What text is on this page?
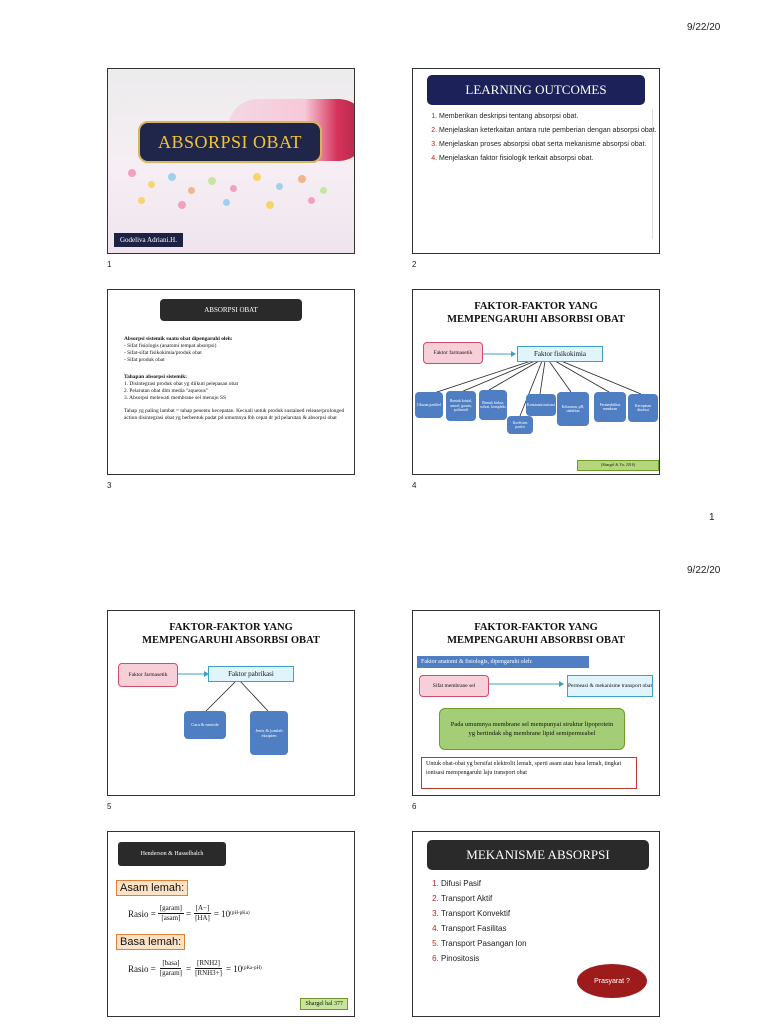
9/22/20
1
9/22/20
1	2
3	4
5	6
ABSORPSI OBAT
Godeliva Adriani.H.
LEARNING OUTCOMES
1. Memberikan deskripsi tentang absorpsi obat.
2. Menjelaskan keterkaitan antara rute pemberian dengan absorpsi obat.
3. Menjelaskan proses absorpsi obat serta mekanisme absorpsi obat.
4. Menjelaskan faktor fisiologik terkait absorpsi obat.
ABSORPSI OBAT

Absorpsi sistemik suatu obat dipengaruhi oleh:
- Sifat fisiologis (anatomi tempat absorpsi)
- Sifat-sifat fisikokimia/produk obat
- Sifat produk obat

Tahapan absorpsi sistemik:
1. Disintegrasi produk obat yg diikuti pelepasan obat
2. Pelarutan obat dlm media "aqueous"
3. Absorpsi melewati membrane sel menuju SS

Tahap yg paling lambat = tahap penentu kecepatan. Kecuali untuk produk sustained release/prolonged action disintegrasi obat yg berbentuk padat pd umumnya lbh cepat dr pd pelarutan & absorpsi obat

FAKTOR-FAKTOR YANG
MEMPENGARUHI ABSORBSI OBAT
Faktor farmasetik	Faktor fisikokimia
Ukuran partikel
Bentuk kristal, amorf, garam, polimorfi
Bentuk hidrat, solvat, kompleks
Koefisien partisi
Konstanta ionisasi	Kelarutan, pH, stabilitas
Permeabilitas membran
Kecepatan disolusi
(Shargel & Yu, 2016)
FAKTOR-FAKTOR YANG
MEMPENGARUHI ABSORBSI OBAT
Faktor farmasetik	Faktor pabrikasi
Cara & metode
Jenis & jumlah eksipien
FAKTOR-FAKTOR YANG
MEMPENGARUHI ABSORBSI OBAT
Faktor anatomi & fisiologis, dipengaruhi oleh:
Sifat membrane sel	Permeasi & mekanisme transport obat
Pada umumnya membrane sel mempunyai struktur lipoprotein yg bertindak sbg membrane lipid semipermeabel
Untuk obat-obat yg bersifat elektrolit lemah, sperti asam atau basa lemah, tingkat ionisasi mempengaruhi laju transport obat
Henderson & Hasselbalch
Asam lemah:
Rasio = $\frac{\text{[garam]}}{\text{[asam]}} = \frac{[A-]}{[HA]} = 10$ (pH-pKa)
Basa lemah:
Rasio = $\frac{\text{[basa]}}{\text{[garam]}} = \frac{\text{[RNH2]}}{\text{[RNH3+]}} = 10$ (pKa-pH)
Shargel hal 377
MEKANISME ABSORPSI
1. Difusi Pasif
2. Transport Aktif
3. Transport Konvektif
4. Transport Fasilitas
5. Transport Pasangan Ion
6. Pinositosis
Prasyarat ?
